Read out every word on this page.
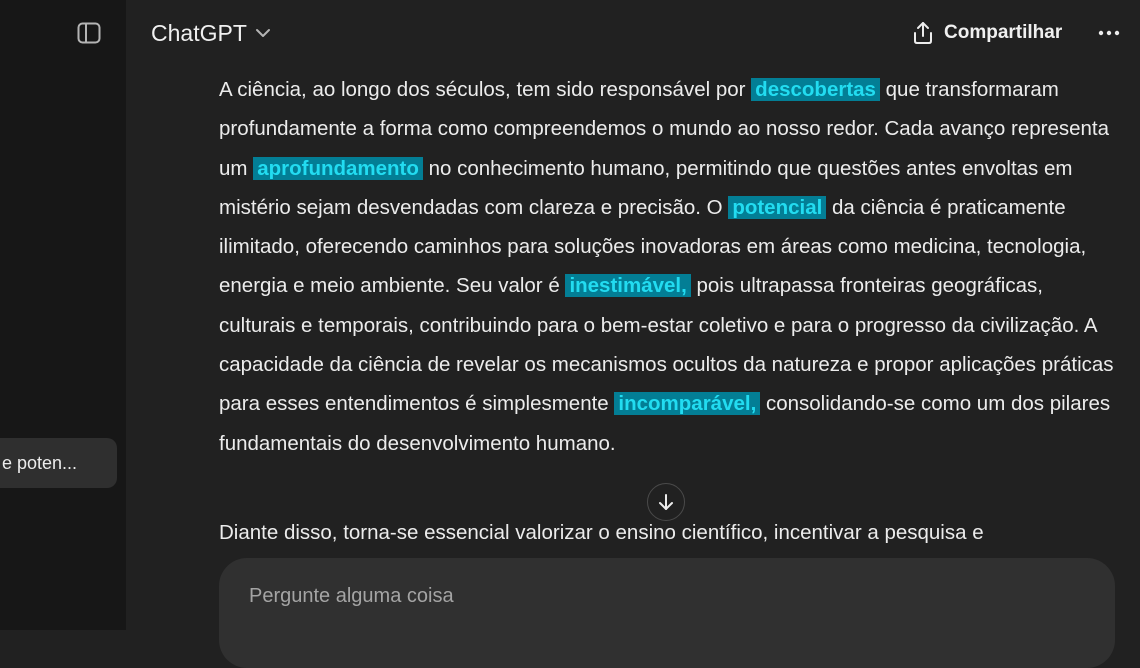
e poten...
ChatGPT	Compartilhar

A ciência, ao longo dos séculos, tem sido responsável por descobertas que transformaram profundamente a forma como compreendemos o mundo ao nosso redor. Cada avanço representa um aprofundamento no conhecimento humano, permitindo que questões antes envoltas em mistério sejam desvendadas com clareza e precisão. O potencial da ciência é praticamente ilimitado, oferecendo caminhos para soluções inovadoras em áreas como medicina, tecnologia, energia e meio ambiente. Seu valor é inestimável, pois ultrapassa fronteiras geográficas, culturais e temporais, contribuindo para o bem-estar coletivo e para o progresso da civilização. A capacidade da ciência de revelar os mecanismos ocultos da natureza e propor aplicações práticas para esses entendimentos é simplesmente incomparável, consolidando-se como um dos pilares fundamentais do desenvolvimento humano.

Diante disso, torna-se essencial valorizar o ensino científico, incentivar a pesquisa e

Pergunte alguma coisa
